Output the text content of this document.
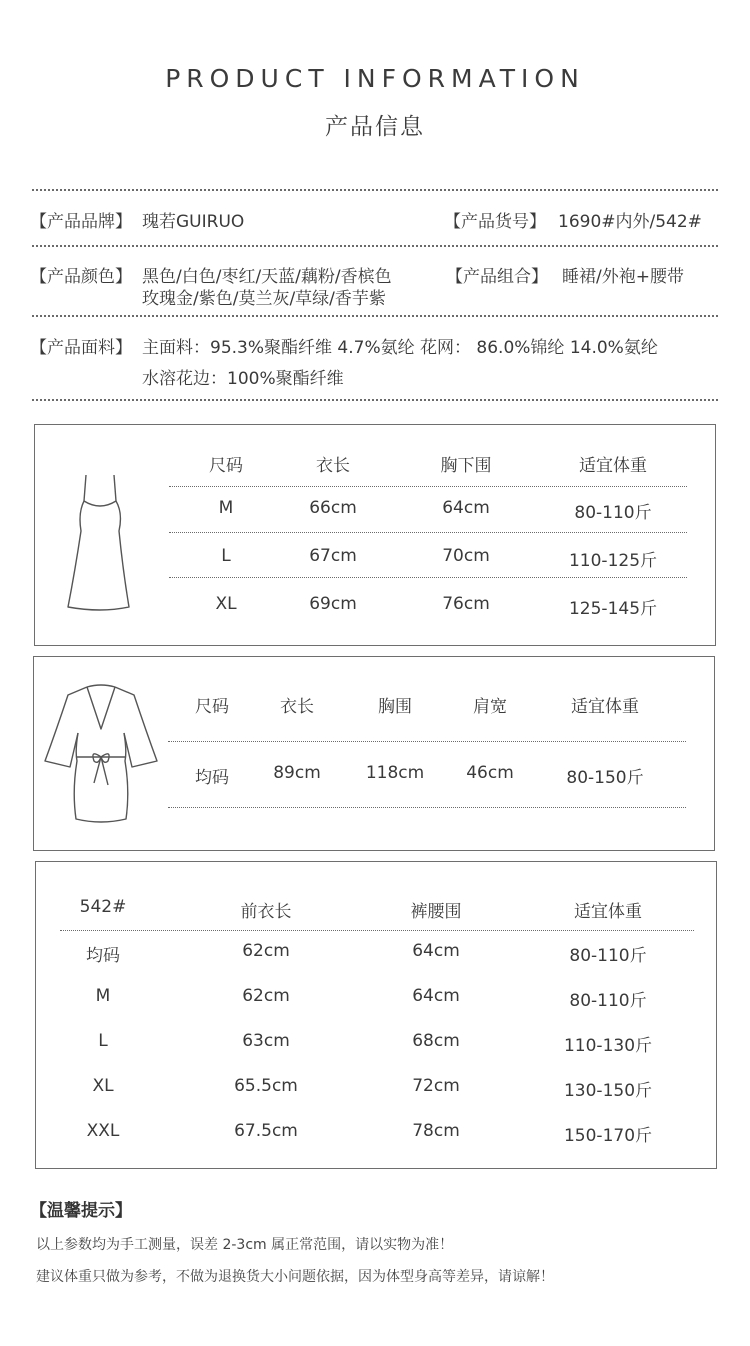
PRODUCT INFORMATION
产品信息
【产品品牌】 瑰若GUIRUO	【产品货号】 1690#内外/542#
【产品颜色】 黑色/白色/枣红/天蓝/藕粉/香槟色
玫瑰金/紫色/莫兰灰/草绿/香芋紫
【产品组合】 睡裙/外袍+腰带
【产品面料】 主面料：95.3%聚酯纤维 4.7%氨纶 花网： 86.0%锦纶 14.0%氨纶
水溶花边：100%聚酯纤维
尺码	衣长	胸下围	适宜体重
M	66cm	64cm	80-110斤
L	67cm	70cm	110-125斤
XL	69cm	76cm	125-145斤
尺码	衣长	胸围	肩宽	适宜体重
均码	89cm	118cm	46cm	80-150斤
542#	前衣长	裤腰围	适宜体重
均码	62cm	64cm	80-110斤
M	62cm	64cm	80-110斤
L	63cm	68cm	110-130斤
XL	65.5cm	72cm	130-150斤
XXL	67.5cm	78cm	150-170斤
【温馨提示】
以上参数均为手工测量，误差 2-3cm 属正常范围，请以实物为准！
建议体重只做为参考，不做为退换货大小问题依据，因为体型身高等差异，请谅解！
